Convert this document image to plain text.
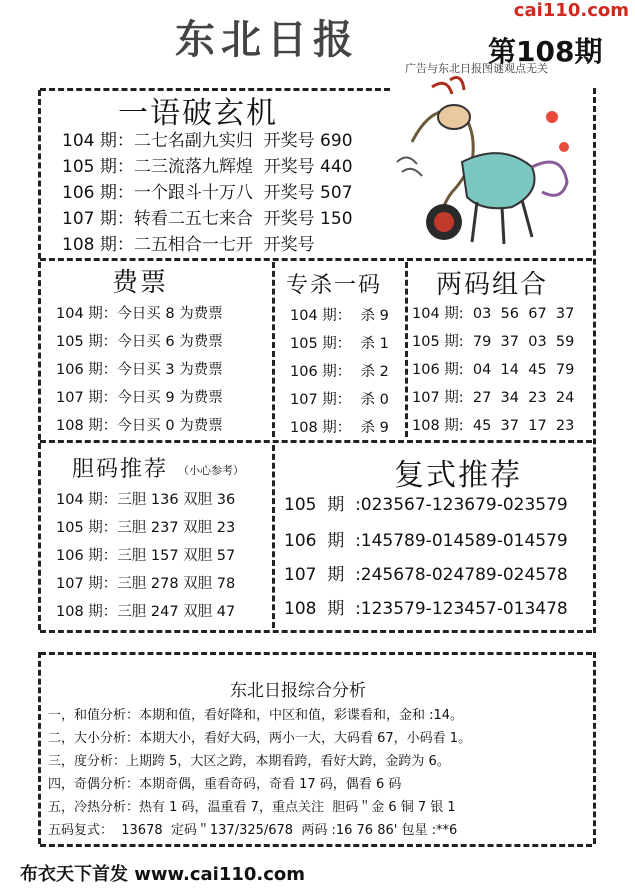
东北日报
cai110.com
第108期
广告与东北日报图谜观点无关
一语破玄机
104 期：二七名副九实归  开奖号 690
105 期：二三流落九辉煌  开奖号 440
106 期：一个跟斗十万八  开奖号 507
107 期：转看二五七来合  开奖号 150
108 期：二五相合一七开  开奖号
费票
104 期：今日买 8 为费票
105 期：今日买 6 为费票
106 期：今日买 3 为费票
107 期：今日买 9 为费票
108 期：今日买 0 为费票
专杀一码
104 期：  杀 9
105 期：  杀 1
106 期：  杀 2
107 期：  杀 0
108 期：  杀 9
两码组合
104 期:  03  56  67  37
105 期:  79  37  03  59
106 期:  04  14  45  79
107 期:  27  34  23  24
108 期:  45  37  17  23
胆码推荐 （小心参考）
104 期：三胆 136 双胆 36
105 期：三胆 237 双胆 23
106 期：三胆 157 双胆 57
107 期：三胆 278 双胆 78
108 期：三胆 247 双胆 47
复式推荐
105  期  :023567-123679-023579
106  期  :145789-014589-014579
107  期  :245678-024789-024578
108  期  :123579-123457-013478
东北日报综合分析
一，和值分析：本期和值，看好降和，中区和值，彩谍看和，金和 :14。
二，大小分析：本期大小，看好大码，两小一大，大码看 67，小码看 1。
三，度分析：上期跨 5，大区之跨，本期看跨，看好大跨，金跨为 6。
四，奇偶分析：本期奇偶，重看奇码，奇看 17 码，偶看 6 码
五，冷热分析：热有 1 码，温重看 7，重点关注  胆码＂金 6 铜 7 银 1
五码复式：  13678  定码＂137/325/678  两码 :16 76 86' 包星 :**6
布衣天下首发 www.cai110.com
